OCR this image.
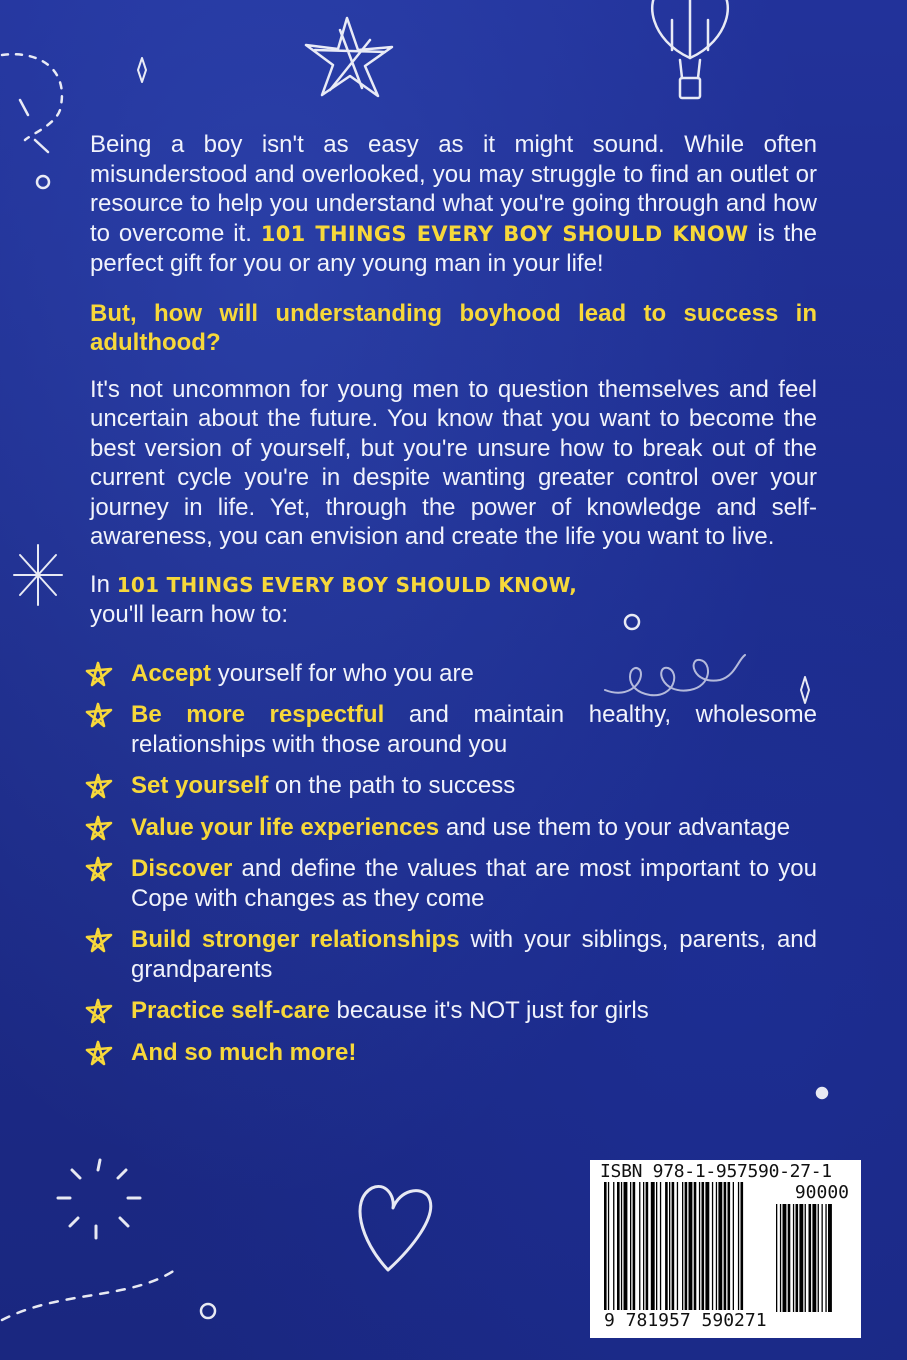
Being a boy isn't as easy as it might sound. While often misunderstood and overlooked, you may struggle to find an outlet or resource to help you understand what you're going through and how to overcome it. 101 THINGS EVERY BOY SHOULD KNOW is the perfect gift for you or any young man in your life!

But, how will understanding boyhood lead to success in adulthood?

It's not uncommon for young men to question themselves and feel uncertain about the future. You know that you want to become the best version of yourself, but you're unsure how to break out of the current cycle you're in despite wanting greater control over your journey in life. Yet, through the power of knowledge and self-awareness, you can envision and create the life you want to live.

In 101 THINGS EVERY BOY SHOULD KNOW,
you'll learn how to:

Accept yourself for who you are
Be more respectful and maintain healthy, wholesome relationships with those around you
Set yourself on the path to success
Value your life experiences and use them to your advantage
Discover and define the values that are most important to you Cope with changes as they come
Build stronger relationships with your siblings, parents, and grandparents
Practice self-care because it's NOT just for girls
And so much more!
ISBN 978-1-957590-27-1
90000
9 781957 590271
